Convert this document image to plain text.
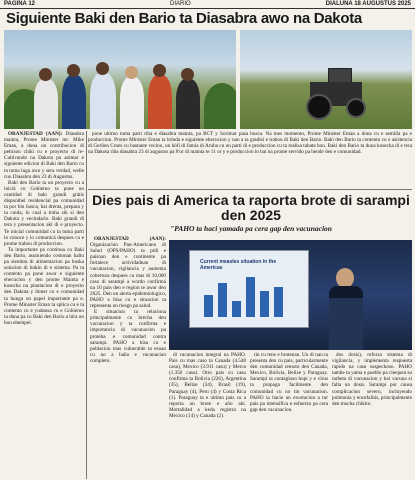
PAGINA 12	DIARIO	DIALUNA 18 AUGUSTUS 2025
Siguiente Baki den Bario ta Diasabra awo na Dakota

ORANJESTAD (AAN): Diasabra mainta, Prome Minister mr. Mike Eman, a dona un contribucion di peticion chikì cu e proyecto di re-Cultivando na Dakota pa animar e siguiente edicion di Baki den Bario cu ta tuma luga awo y sera verdad, welle cuu Diasabra den 23 di Augustus.

Baki den Bario ta un proyecto cu a iniciá cu Gobierno ta pone un cantidad di baki grandi grátis disponibel residencial pa comunidad ta por bin busca, bai drenta, prepara y ta cuida, lo cual a traha sik si den Dakota y vecindario. Baki grandi di tera y presentacion aki di e proyecto. Te inicial comunidad cu ta tuma parti lo conoce y lo comunicá despues cu e prome trabou di produccion.

Ta importante pa continua cu Baki den Bario, asumiendo costonan haltu pa siembra di alimentacion pa buska solucion di bukin di e sistema. Pa ta contento pa pone awor e siguiente ehecucion y den prome Mainta e kosecha na plantacion di e proyecto den Dakota y hinter cu e comunidad ta hunga un papel importante pa e. Prome Minister Eman ta splica cu e ta contento cu e yudansa cu e Gobierno ta duna pa cu Baki den Bario a bira un bon ehempel.

pone ultimo tuma parti riba e diasabra mainta, pa BCT y Sorimar pasa busca. Na mes momento, Prome Minister Eman a dona cu e semilla pa e produccion. Prome Minister Eman ta brinda e siguiente ehecucion y nan a ta gradisí e trabou di Baki den Bario. Baki den Bario ta contento cu e asistencia di Gerlien Croes cu bastante vecino, un hòfi di famia di Aruba cu un parti di e produccion cu ta realisa tabata bon. Baki den Bario ta duna kosecha di e tera na Dakota riba diasabra 23 di augustus pa 8'or di mainta te 11 or y e produccion lo bai na prome servido pa hende den e comunidad.

Dies pais di America ta raporta brote di sarampi den 2025
"PAHO ta haci yamada pa cera gap den vacunacion

ORANJESTAD (AAN): Organizacion Pan-Americano di Salud (OPS/PAHO) ta pidi e paisnan den e continente pa fortalece actividadnan di vacunacion, vigilancia y aumenta cobertura despues cu mas di 10,000 caso di sarampi a wordo confirmá na 10 pais den e region te awor den 2025. Den un alerta epidemiologico, PAHO a bisa cu e situacion ta representa un riesgo pa salud.

E situacion ta relaciona principalmente cu brecha den vacunacion y ta confirma e importancia di vacunacion pa proteha e comunidad contra sarampi. PAHO a bisa cu e poblacion mas vulnerable ta esnan cu no a haña e vacunacion completo.

Current measles situation in the Americas

di vacunacion integral na PAHO. Pais cu mas caso ta Canada (4.548 casu), Mexico (3.911 casu) y Merca (1.356 casu). Otro pais cu casu confirma ta Bolivia (226), Argentina (35), Belize (34), Brasil (19), Paraguay (4), Peru (4) y Costa Rica (1). Paraguay ta e ultimo pais cu a reporta un brote e año aki. Mortalidad a keda registra na Mexico (14) y Canada (2).

tin cu tene e brotenan. Un di nan ta presenta den cu pais, particularmente den comunidad remoto den Canada, Mexico, Bolivia, Belize y Paraguay. Sarampi ta contagioso hopi y e virus ta propaga facilmente den comunidad cu no tin vacunacion. PAHO ta hacie un exortacion a tur pais pa intensifica e esfuerzo pa cera gap den vacunacion.

dos dosis), reforza sistema di vigilancia, y implementa respuesta rapido na casu sospechoso. PAHO tambe ta yama e pueblo pa chequea su tarheta di vacunacion y bai vacuna si falta un dosis. Sarampi por causa complicacion severo, incluyendo pulmonia y encefalitis, principalmente den mucha chikito.
